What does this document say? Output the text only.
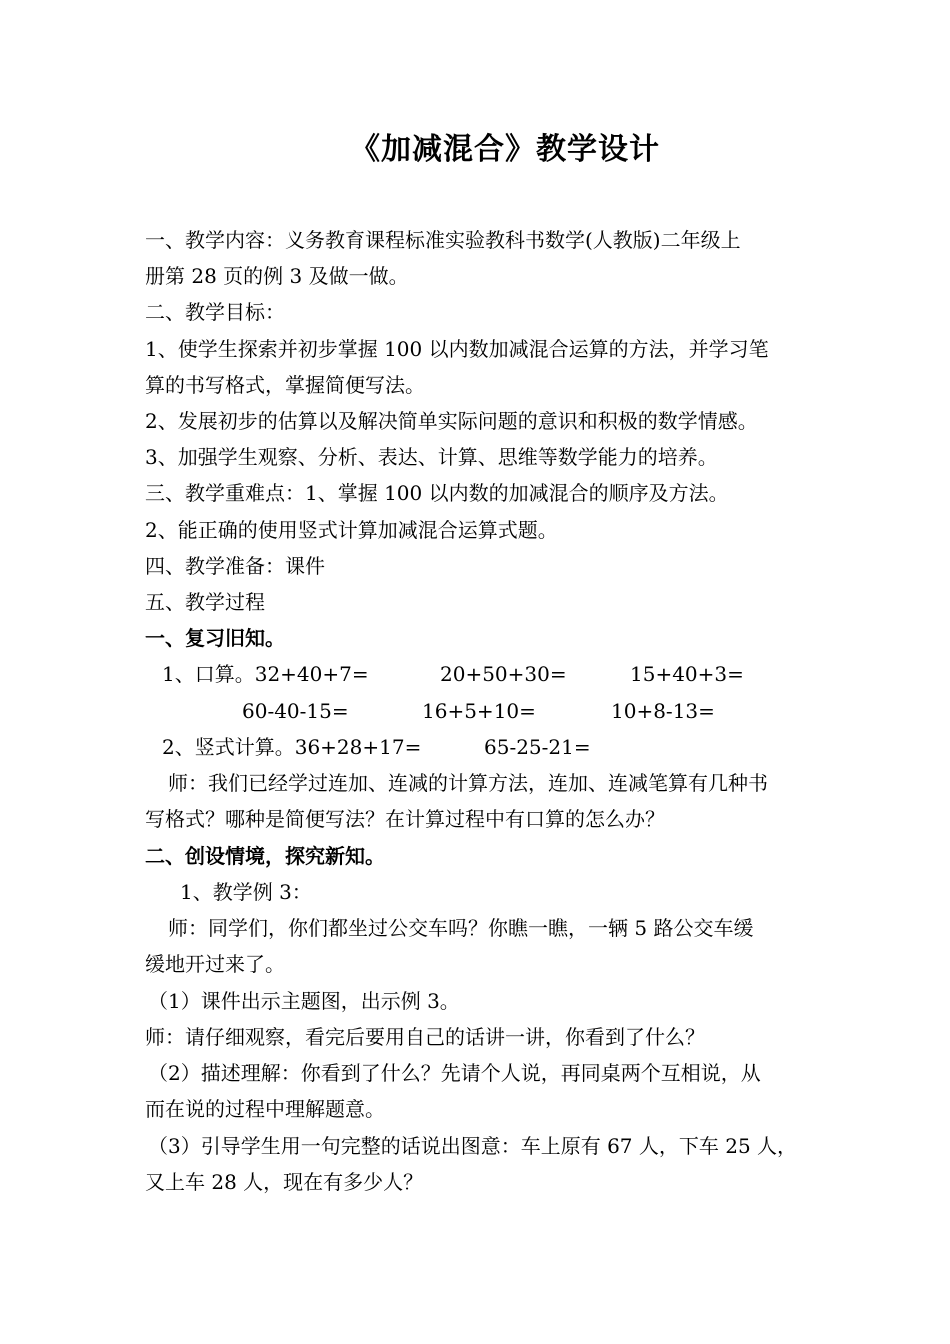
《加减混合》教学设计
一、教学内容：义务教育课程标准实验教科书数学(人教版)二年级上
册第 28 页的例 3 及做一做。
二、教学目标：
1、使学生探索并初步掌握 100 以内数加减混合运算的方法，并学习笔
算的书写格式，掌握简便写法。
2、发展初步的估算以及解决简单实际问题的意识和积极的数学情感。
3、加强学生观察、分析、表达、计算、思维等数学能力的培养。
三、教学重难点：1、掌握 100 以内数的加减混合的顺序及方法。
2、能正确的使用竖式计算加减混合运算式题。
四、教学准备：课件
五、教学过程
一、复习旧知。
1、口算。32+40+7=	20+50+30=	15+40+3=
60-40-15=	16+5+10=	10+8-13=
2、竖式计算。36+28+17=	65-25-21=
师：我们已经学过连加、连减的计算方法，连加、连减笔算有几种书
写格式？哪种是简便写法？在计算过程中有口算的怎么办？
二、创设情境，探究新知。
1、教学例 3：
师：同学们，你们都坐过公交车吗？你瞧一瞧，一辆 5 路公交车缓
缓地开过来了。
（1）课件出示主题图，出示例 3。
师：请仔细观察，看完后要用自己的话讲一讲，你看到了什么？
（2）描述理解：你看到了什么？先请个人说，再同桌两个互相说，从
而在说的过程中理解题意。
（3）引导学生用一句完整的话说出图意：车上原有 67 人，下车 25 人，
又上车 28 人，现在有多少人？
